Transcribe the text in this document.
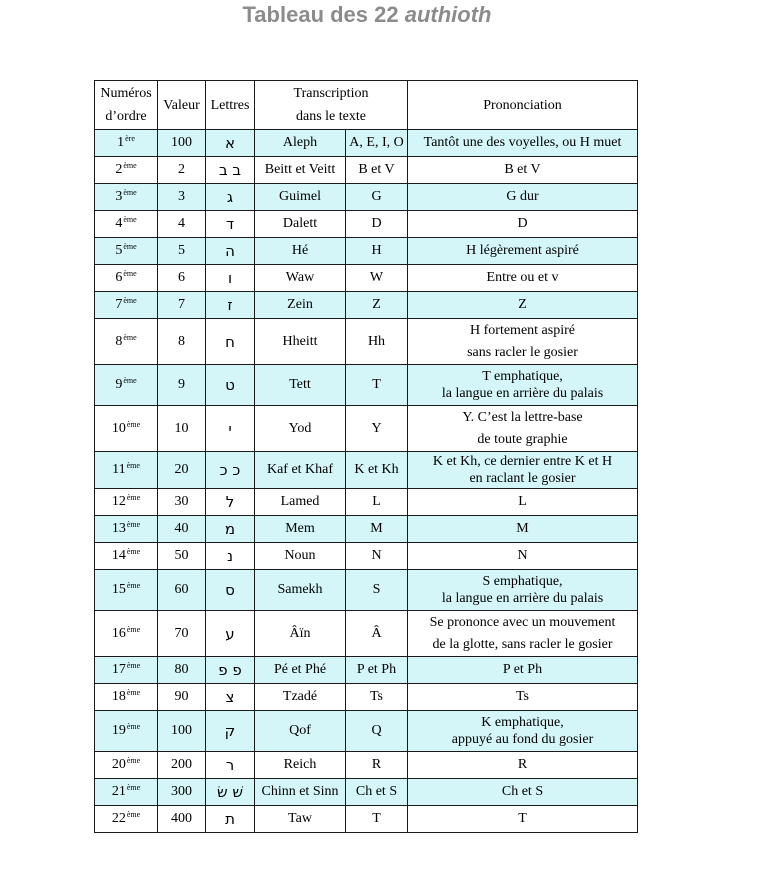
Tableau des 22 authioth
Numéros
d’ordre	Valeur	Lettres	Transcription
dans le texte		Prononciation
1ère	100	א	Aleph	A, E, I, O	Tantôt une des voyelles, ou H muet
2ème	2	ב ב	Beitt et Veitt	B et V	B et V
3ème	3	ג	Guimel	G	G dur
4ème	4	ד	Dalett	D	D
5ème	5	ה	Hé	H	H légèrement aspiré
6ème	6	ו	Waw	W	Entre ou et v
7ème	7	ז	Zein	Z	Z
8ème	8	ח	Hheitt	Hh	H fortement aspiré
sans racler le gosier
9ème	9	ט	Tett	T	T emphatique,
la langue en arrière du palais
10ème	10	י	Yod	Y	Y. C’est la lettre-base
de toute graphie
11ème	20	כ כ	Kaf et Khaf	K et Kh	K et Kh, ce dernier entre K et H
en raclant le gosier
12ème	30	ל	Lamed	L	L
13ème	40	מ	Mem	M	M
14ème	50	נ	Noun	N	N
15ème	60	ס	Samekh	S	S emphatique,
la langue en arrière du palais
16ème	70	ע	Âïn	Â	Se prononce avec un mouvement
de la glotte, sans racler le gosier
17ème	80	פ פ	Pé et Phé	P et Ph	P et Ph
18ème	90	צ	Tzadé	Ts	Ts
19ème	100	ק	Qof	Q	K emphatique,
appuyé au fond du gosier
20ème	200	ר	Reich	R	R
21ème	300	שׁ שׂ	Chinn et Sinn	Ch et S	Ch et S
22ème	400	ת	Taw	T	T
